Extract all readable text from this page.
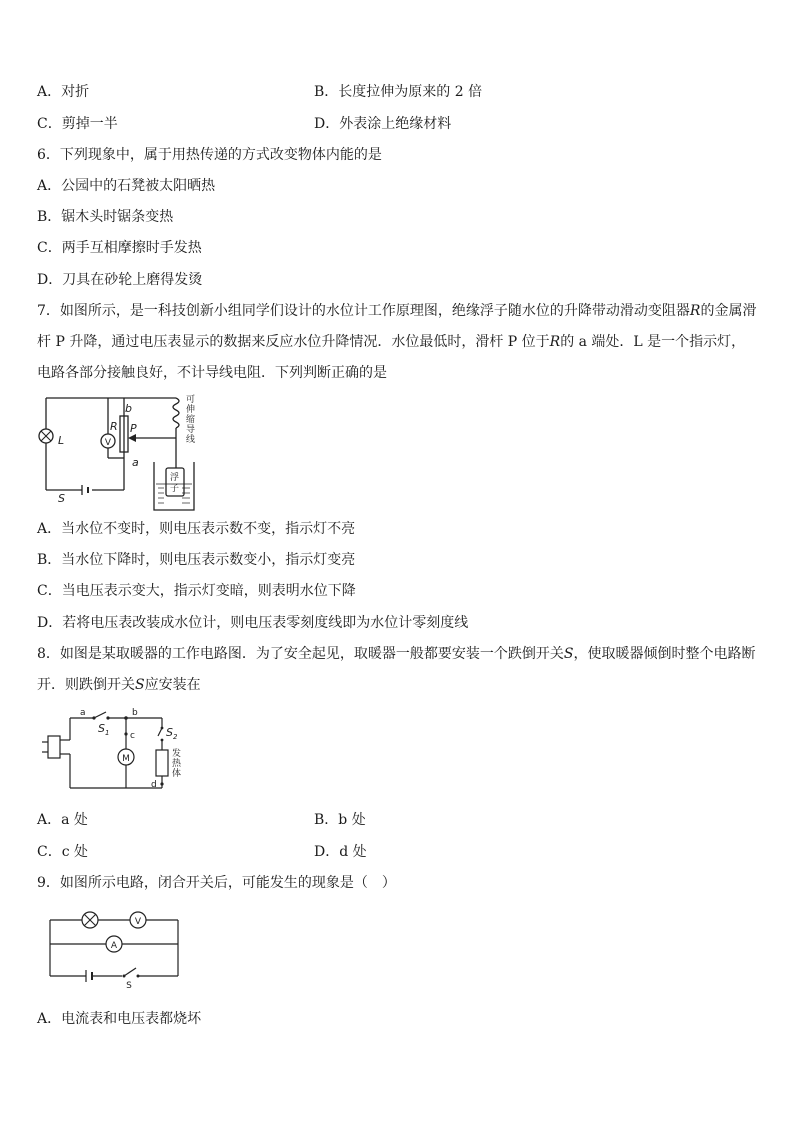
A．对折	B．长度拉伸为原来的 2 倍
C．剪掉一半	D．外表涂上绝缘材料
6．下列现象中，属于用热传递的方式改变物体内能的是
A．公园中的石凳被太阳晒热
B．锯木头时锯条变热
C．两手互相摩擦时手发热
D．刀具在砂轮上磨得发烫
7．如图所示，是一科技创新小组同学们设计的水位计工作原理图，绝缘浮子随水位的升降带动滑动变阻器R的金属滑
杆 P 升降，通过电压表显示的数据来反应水位升降情况．水位最低时，滑杆 P 位于R的 a 端处．L 是一个指示灯，
电路各部分接触良好，不计导线电阻．下列判断正确的是
V
L
S
R P
b
a
可
伸
缩
导
线
浮
子
A．当水位不变时，则电压表示数不变，指示灯不亮
B．当水位下降时，则电压表示数变小，指示灯变亮
C．当电压表示变大，指示灯变暗，则表明水位下降
D．若将电压表改装成水位计，则电压表零刻度线即为水位计零刻度线
8．如图是某取暖器的工作电路图．为了安全起见，取暖器一般都要安装一个跌倒开关S，使取暖器倾倒时整个电路断
开．则跌倒开关S应安装在
M
a	b
c
d
$S_1$	$S_2$
发
热
体
A．a 处	B．b 处
C．c 处	D．d 处
9．如图所示电路，闭合开关后，可能发生的现象是（　）
V
A
S
A．电流表和电压表都烧坏
